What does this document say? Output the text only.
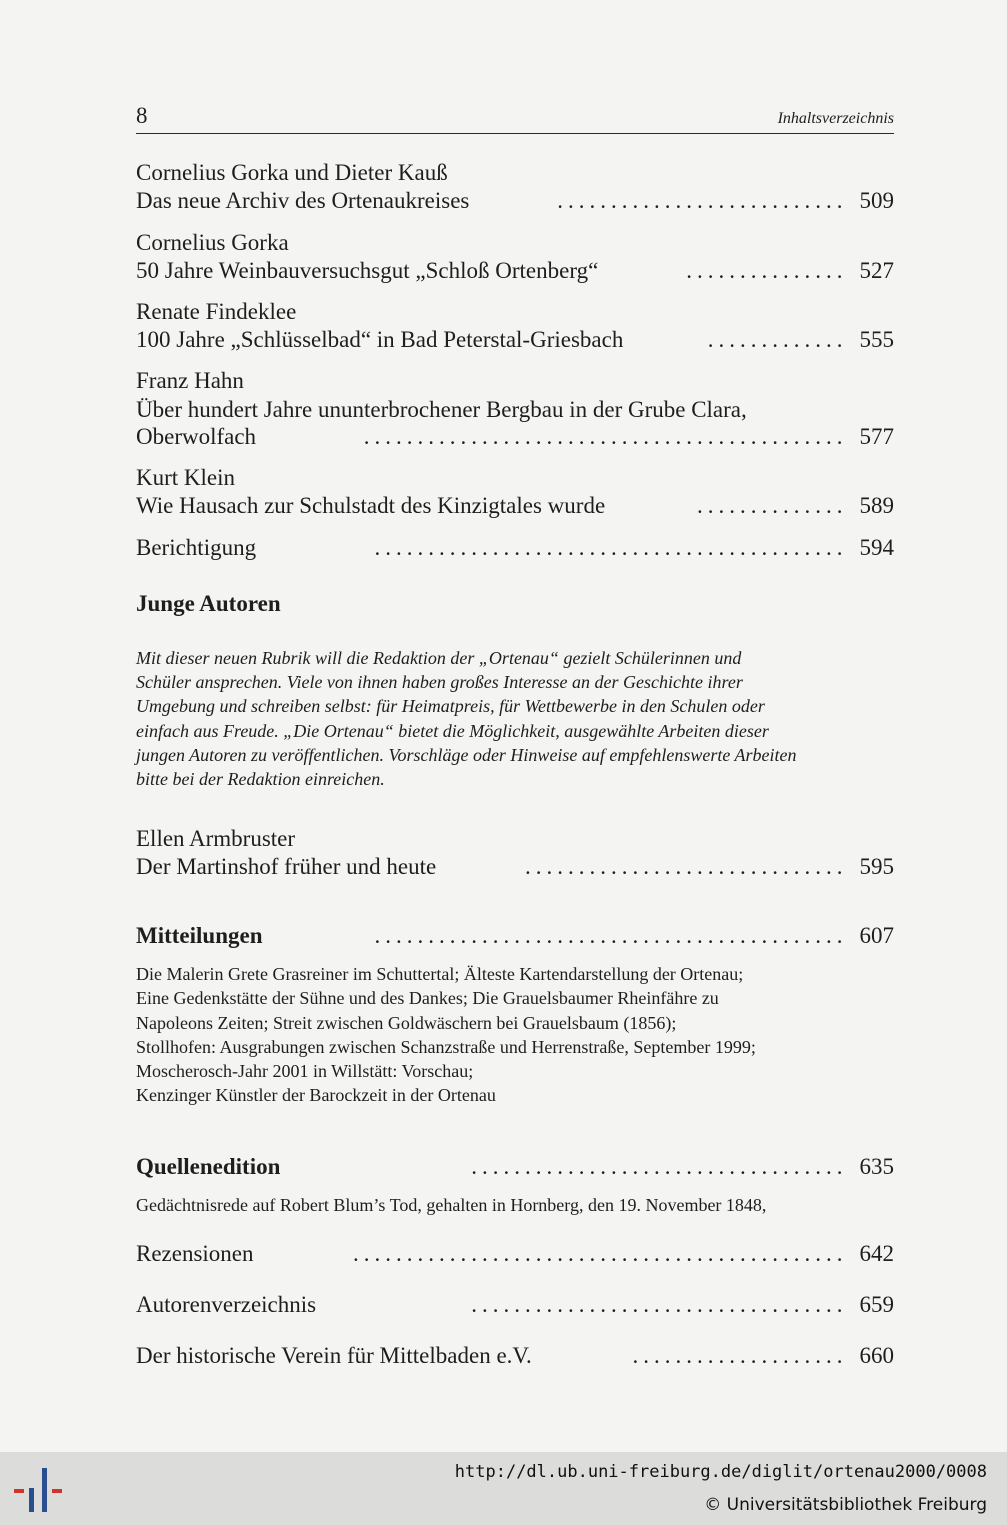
8	Inhaltsverzeichnis
Cornelius Gorka und Dieter Kauß
Das neue Archiv des Ortenaukreises	........................... 509
Cornelius Gorka
50 Jahre Weinbauversuchsgut „Schloß Ortenberg“	............... 527
Renate Findeklee
100 Jahre „Schlüsselbad“ in Bad Peterstal-Griesbach	............. 555
Franz Hahn
Über hundert Jahre ununterbrochener Bergbau in der Grube Clara,
Oberwolfach	............................................. 577
Kurt Klein
Wie Hausach zur Schulstadt des Kinzigtales wurde	.............. 589
Berichtigung	............................................ 594
Junge Autoren
Mit dieser neuen Rubrik will die Redaktion der „Ortenau“ gezielt Schülerinnen und
Schüler ansprechen. Viele von ihnen haben großes Interesse an der Geschichte ihrer
Umgebung und schreiben selbst: für Heimatpreis, für Wettbewerbe in den Schulen oder
einfach aus Freude. „Die Ortenau“ bietet die Möglichkeit, ausgewählte Arbeiten dieser
jungen Autoren zu veröffentlichen. Vorschläge oder Hinweise auf empfehlenswerte Arbeiten
bitte bei der Redaktion einreichen.
Ellen Armbruster
Der Martinshof früher und heute	.............................. 595
Mitteilungen	............................................ 607
Die Malerin Grete Grasreiner im Schuttertal; Älteste Kartendarstellung der Ortenau;
Eine Gedenkstätte der Sühne und des Dankes; Die Grauelsbaumer Rheinfähre zu
Napoleons Zeiten; Streit zwischen Goldwäschern bei Grauelsbaum (1856);
Stollhofen: Ausgrabungen zwischen Schanzstraße und Herrenstraße, September 1999;
Moscherosch-Jahr 2001 in Willstätt: Vorschau;
Kenzinger Künstler der Barockzeit in der Ortenau
Quellenedition	................................... 635
Gedächtnisrede auf Robert Blum’s Tod, gehalten in Hornberg, den 19. November 1848,
Rezensionen	.............................................. 642
Autorenverzeichnis	................................... 659
Der historische Verein für Mittelbaden e.V.	.................... 660
http://dl.ub.uni-freiburg.de/diglit/ortenau2000/0008
© Universitätsbibliothek Freiburg
